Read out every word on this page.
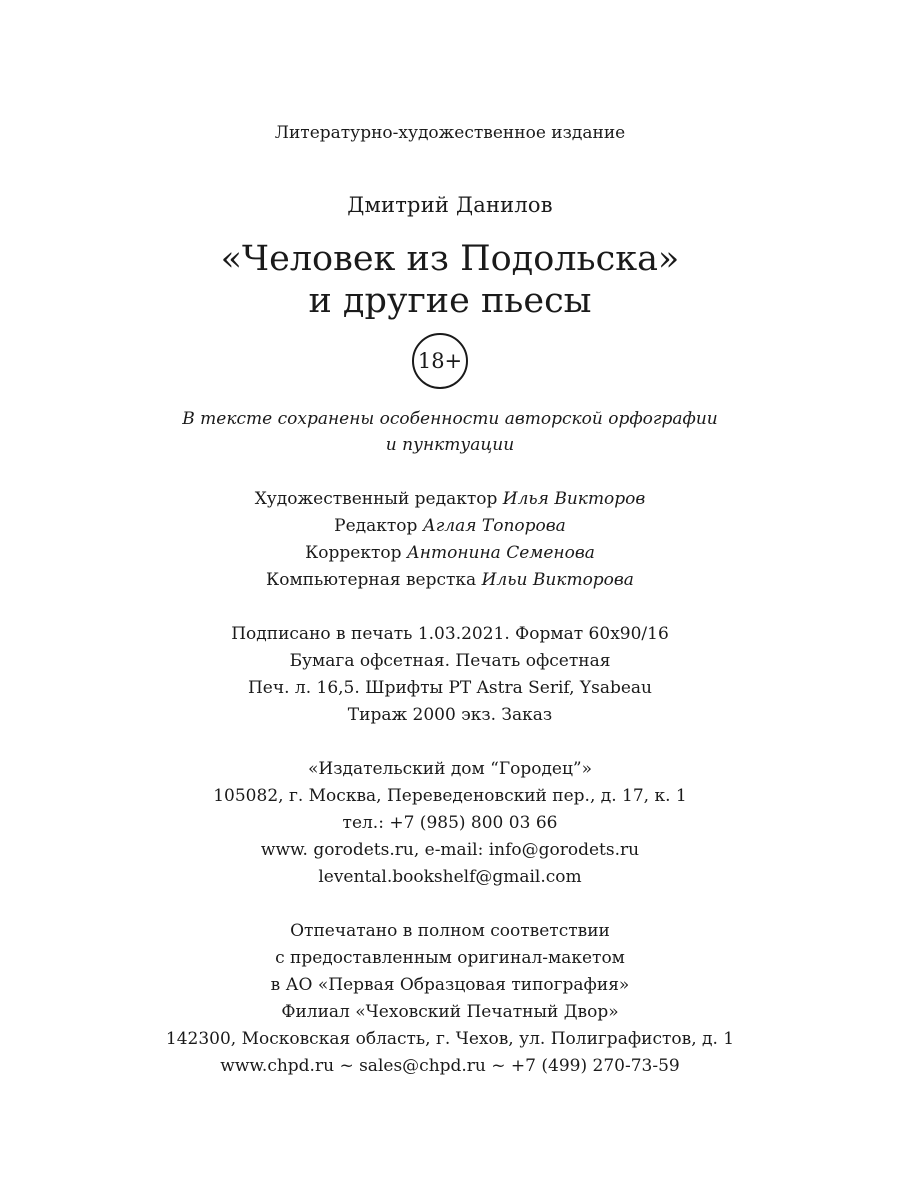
Литературно-художественное издание
Дмитрий Данилов
«Человек из Подольска»
и другие пьесы
18+
В тексте сохранены особенности авторской орфографии
и пунктуации
Художественный редактор Илья Викторов
Редактор Аглая Топорова
Корректор Антонина Семенова
Компьютерная верстка Ильи Викторова
Подписано в печать 1.03.2021. Формат 60x90/16
Бумага офсетная. Печать офсетная
Печ. л. 16,5. Шрифты PT Astra Serif, Ysabeau
Тираж 2000 экз. Заказ
«Издательский дом “Городец”»
105082, г. Москва, Переведеновский пер., д. 17, к. 1
тел.: +7 (985) 800 03 66
www. gorodets.ru, e-mail: info@gorodets.ru
levental.bookshelf@gmail.com
Отпечатано в полном соответствии
с предоставленным оригинал-макетом
в АО «Первая Образцовая типография»
Филиал «Чеховский Печатный Двор»
142300, Московская область, г. Чехов, ул. Полиграфистов, д. 1
www.chpd.ru ~ sales@chpd.ru ~ +7 (499) 270-73-59
